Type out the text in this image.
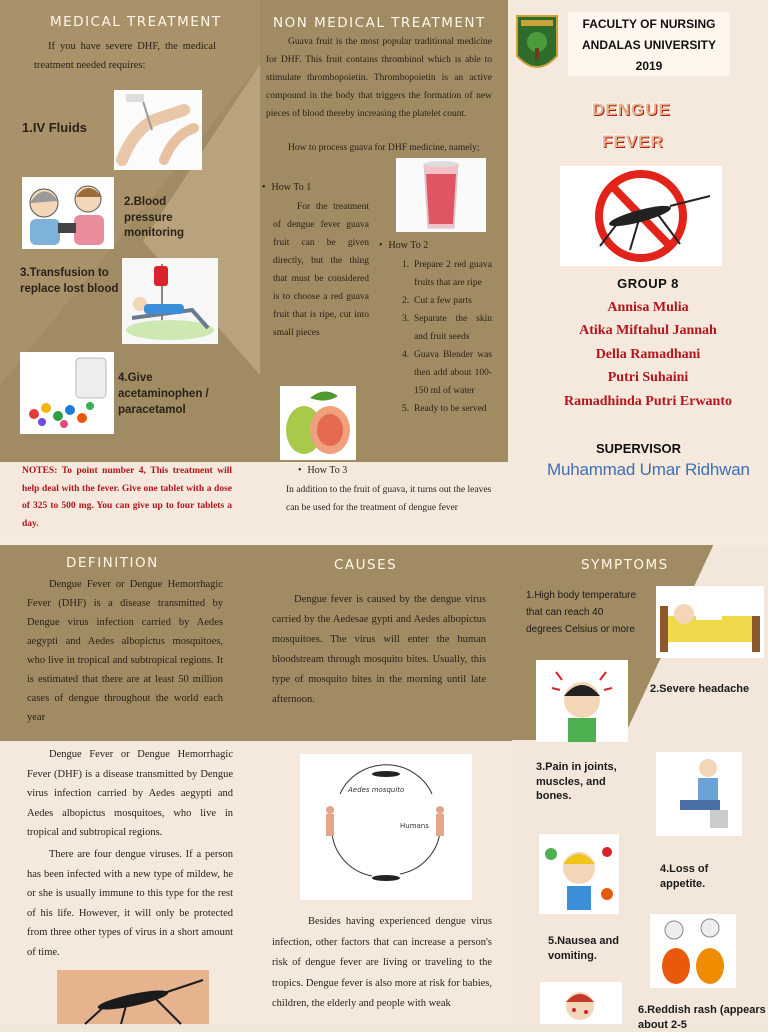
MEDICAL TREATMENT
If you have severe DHF, the medical treatment needed requires:
1.IV Fluids
2.Blood pressure monitoring
3.Transfusion to replace lost blood
4.Give acetaminophen / paracetamol
NOTES: To point number 4, This treatment will help deal with the fever. Give one tablet with a dose of 325 to 500 mg. You can give up to four tablets a day.
NON MEDICAL TREATMENT
Guava fruit is the most popular traditional medicine for DHF. This fruit contains thrombinol which is able to stimulate thrombopoietin. Thrombopoietin is an active compound in the body that triggers the formation of new pieces of blood thereby increasing the platelet count.
How to process guava for DHF medicine, namely;
• How To 1
For the treatment of dengue fever guava fruit can be given directly, but the thing that must be considered is to choose a red guava fruit that is ripe, cut into small pieces
• How To 2
1. Prepare 2 red guava fruits that are ripe
2. Cut a few parts
3. Separate the skin and fruit seeds
4. Guava Blender was then add about 100-150 ml of water
5. Ready to be served
• How To 3
In addition to the fruit of guava, it turns out the leaves can be used for the treatment of dengue fever
FACULTY OF NURSING
ANDALAS UNIVERSITY
2019
DENGUE
FEVER
GROUP 8
Annisa Mulia
Atika Miftahul Jannah
Della Ramadhani
Putri Suhaini
Ramadhinda Putri Erwanto
SUPERVISOR
Muhammad Umar Ridhwan
DEFINITION
Dengue Fever or Dengue Hemorrhagic Fever (DHF) is a disease transmitted by Dengue virus infection carried by Aedes aegypti and Aedes albopictus mosquitoes, who live in tropical and subtropical regions. It is estimated that there are at least 50 million cases of dengue throughout the world each year
Dengue Fever or Dengue Hemorrhagic Fever (DHF) is a disease transmitted by Dengue virus infection carried by Aedes aegypti and Aedes albopictus mosquitoes, who live in tropical and subtropical regions.
There are four dengue viruses. If a person has been infected with a new type of mildew, he or she is usually immune to this type for the rest of his life. However, it will only be protected from three other types of virus in a short amount of time.
CAUSES
Dengue fever is caused by the dengue virus carried by the Aedesae gypti and Aedes albopictus mosquitoes. The virus will enter the human bloodstream through mosquito bites. Usually, this type of mosquito bites in the morning until late afternoon.
Aedes mosquito
Humans
Besides having experienced dengue virus infection, other factors that can increase a person's risk of dengue fever are living or traveling to the tropics. Dengue fever is also more at risk for babies, children, the elderly and people with weak
SYMPTOMS
1.High body temperature that can reach 40 degrees Celsius or more
2.Severe headache
3.Pain in joints, muscles, and bones.
4.Loss of appetite.
5.Nausea and vomiting.
6.Reddish rash (appears about 2-5
